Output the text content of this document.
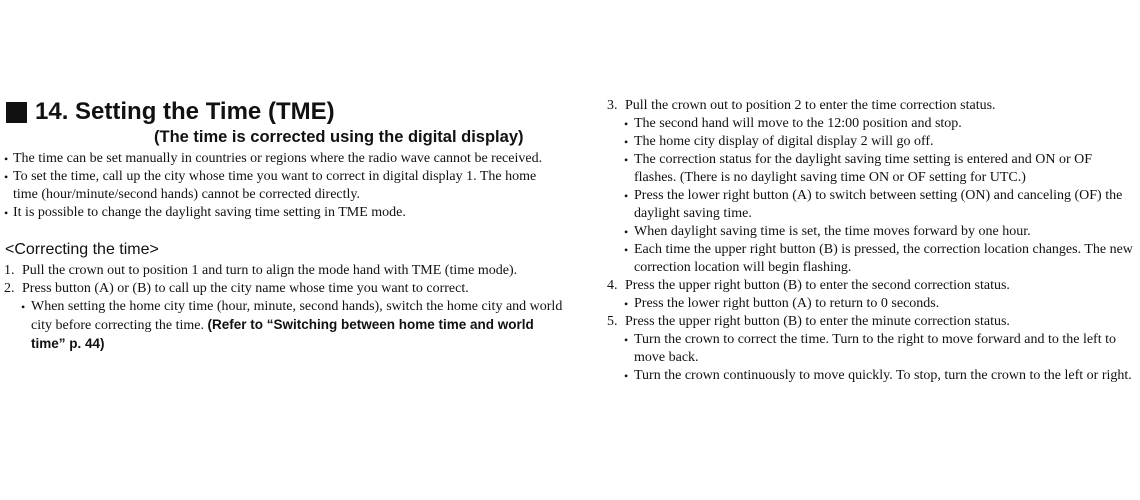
14. Setting the Time (TME)
(The time is corrected using the digital display)
• The time can be set manually in countries or regions where the radio wave cannot be received.
• To set the time, call up the city whose time you want to correct in digital display 1. The home time (hour/minute/second hands) cannot be corrected directly.
• It is possible to change the daylight saving time setting in TME mode.
<Correcting the time>
1. Pull the crown out to position 1 and turn to align the mode hand with TME (time mode).
2. Press button (A) or (B) to call up the city name whose time you want to correct.
• When setting the home city time (hour, minute, second hands), switch the home city and world city before correcting the time. (Refer to “Switching between home time and world time” p. 44)
3. Pull the crown out to position 2 to enter the time correction status.
• The second hand will move to the 12:00 position and stop.
• The home city display of digital display 2 will go off.
• The correction status for the daylight saving time setting is entered and ON or OF flashes. (There is no daylight saving time ON or OF setting for UTC.)
• Press the lower right button (A) to switch between setting (ON) and canceling (OF) the daylight saving time.
• When daylight saving time is set, the time moves forward by one hour.
• Each time the upper right button (B) is pressed, the correction location changes. The new correction location will begin flashing.
4. Press the upper right button (B) to enter the second correction status.
• Press the lower right button (A) to return to 0 seconds.
5. Press the upper right button (B) to enter the minute correction status.
• Turn the crown to correct the time. Turn to the right to move forward and to the left to move back.
• Turn the crown continuously to move quickly. To stop, turn the crown to the left or right.
